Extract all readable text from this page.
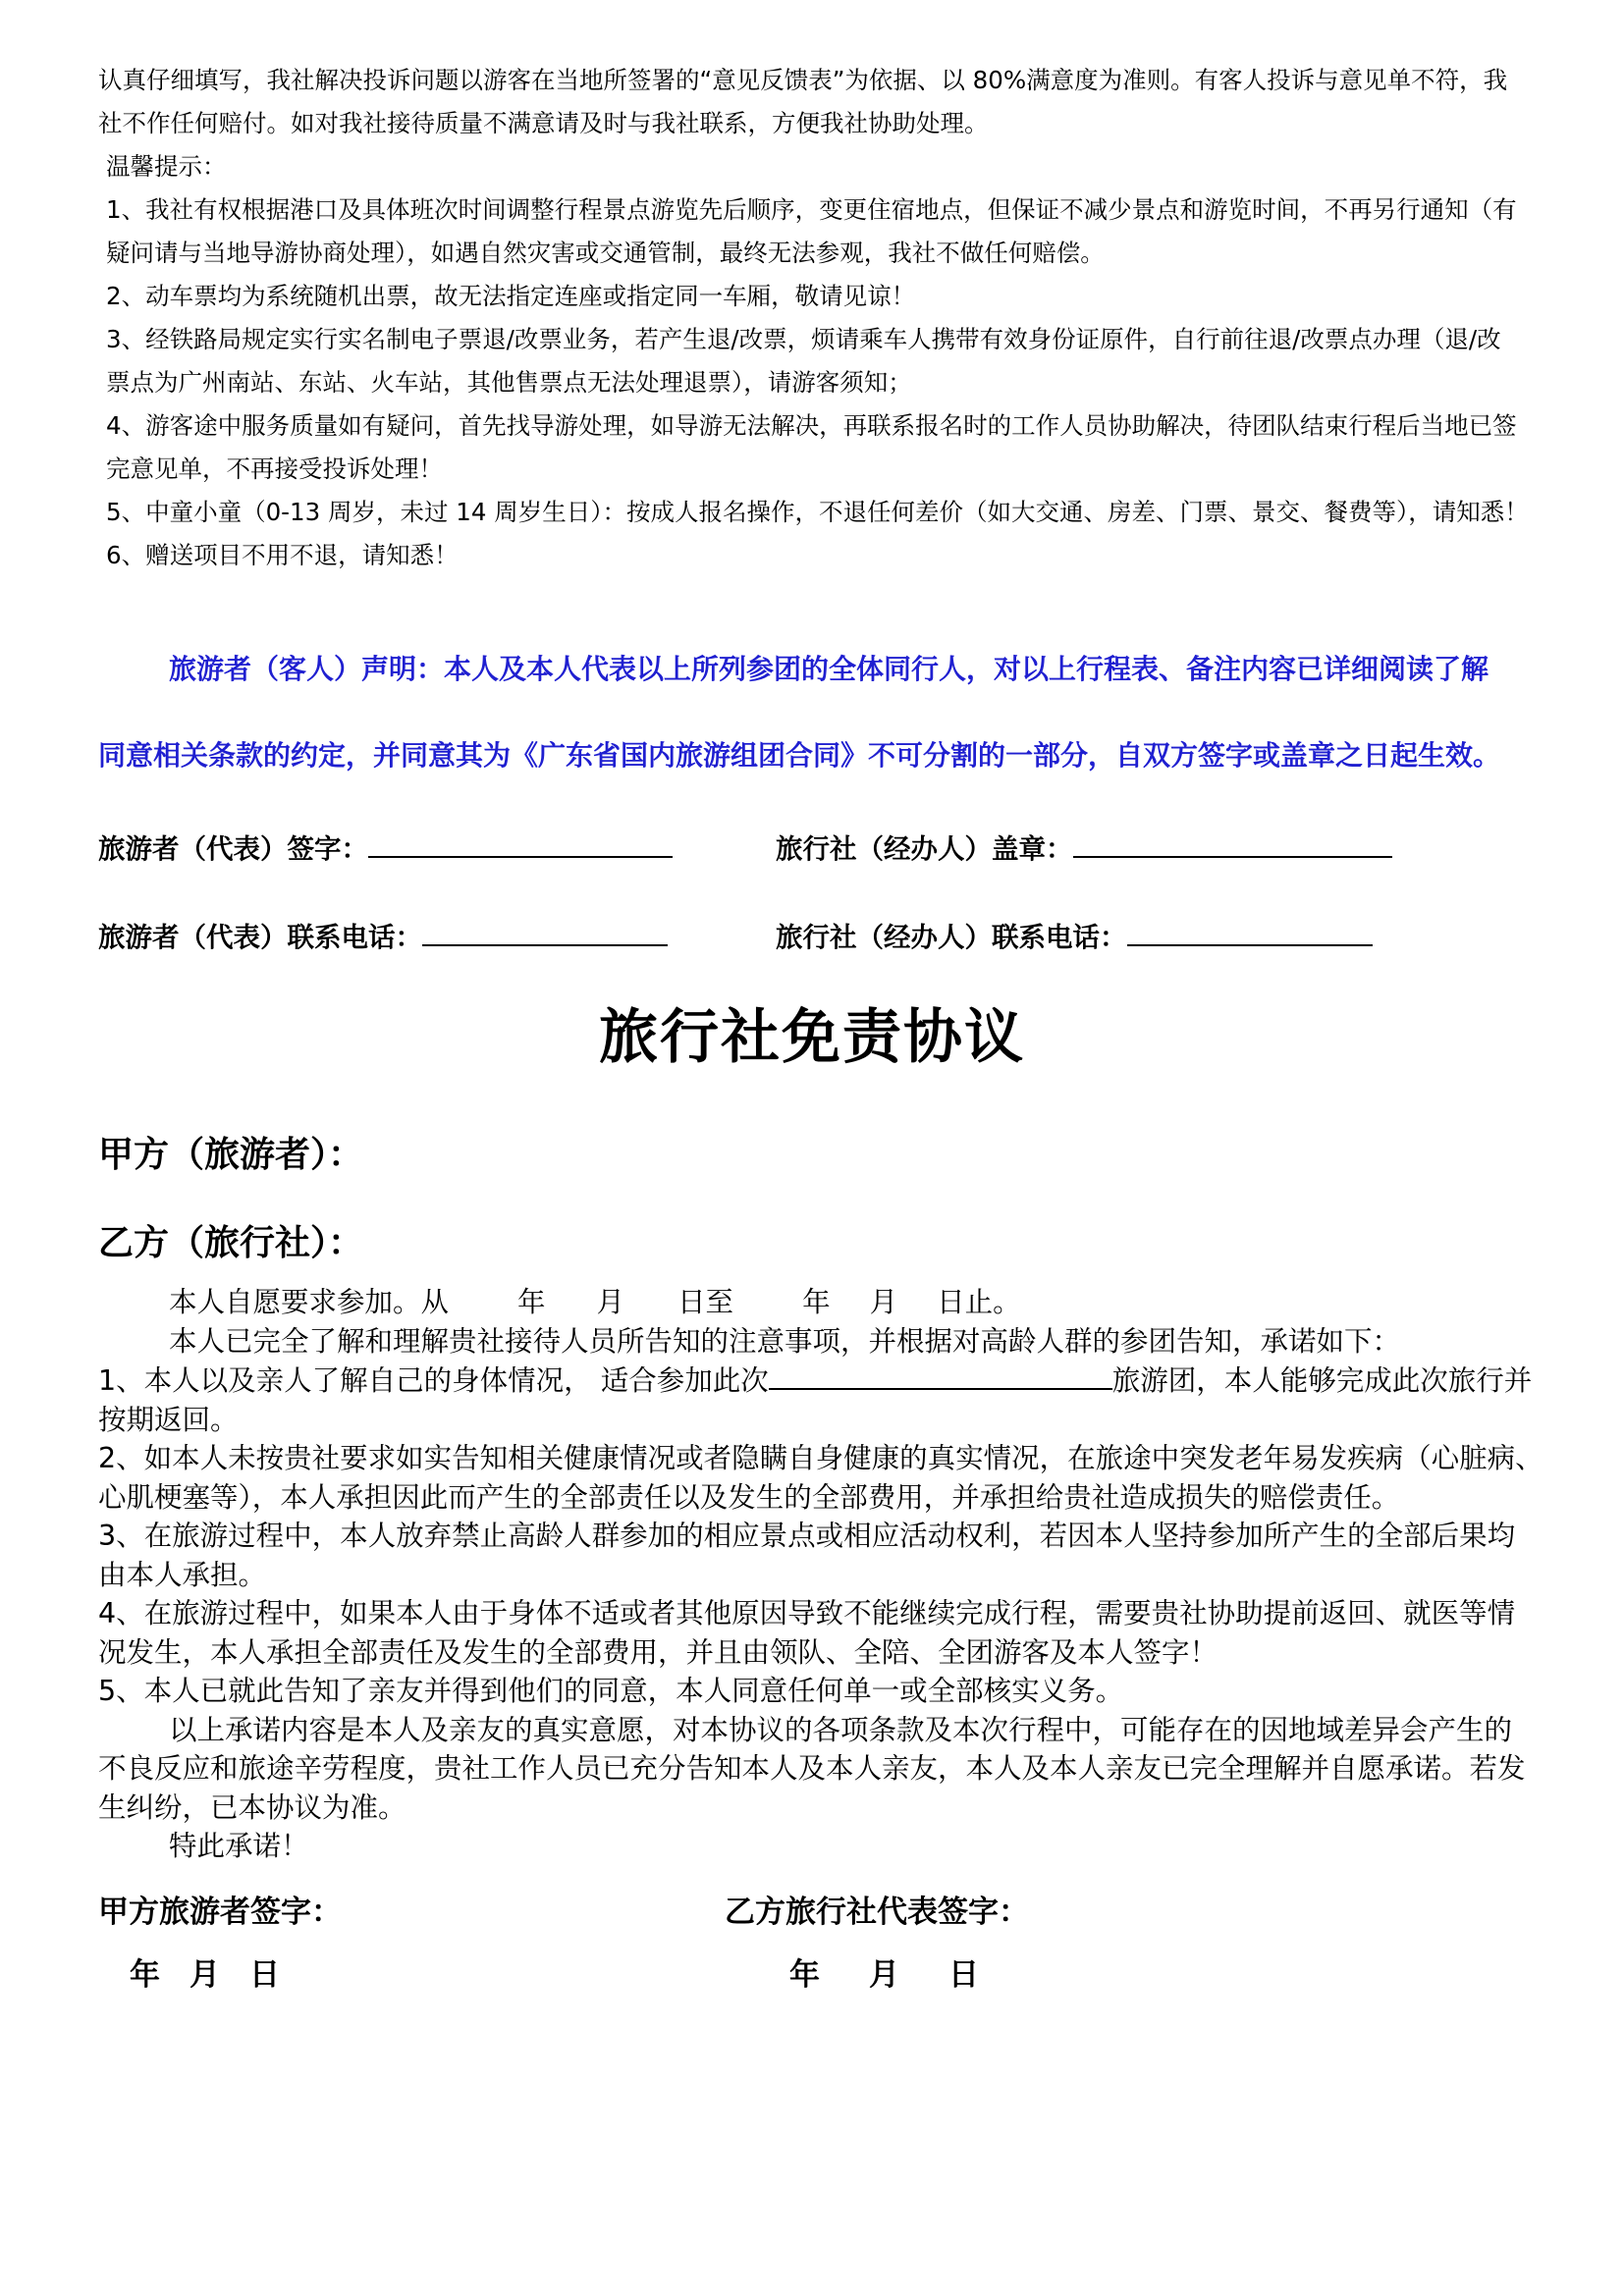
认真仔细填写，我社解决投诉问题以游客在当地所签署的“意见反馈表”为依据、以 80%满意度为准则。有客人投诉与意见单不符，我
社不作任何赔付。如对我社接待质量不满意请及时与我社联系，方便我社协助处理。
温馨提示：
1、我社有权根据港口及具体班次时间调整行程景点游览先后顺序，变更住宿地点，但保证不减少景点和游览时间，不再另行通知（有
疑问请与当地导游协商处理），如遇自然灾害或交通管制，最终无法参观，我社不做任何赔偿。
2、动车票均为系统随机出票，故无法指定连座或指定同一车厢，敬请见谅！
3、经铁路局规定实行实名制电子票退/改票业务，若产生退/改票，烦请乘车人携带有效身份证原件，自行前往退/改票点办理（退/改
票点为广州南站、东站、火车站，其他售票点无法处理退票），请游客须知；
4、游客途中服务质量如有疑问，首先找导游处理，如导游无法解决，再联系报名时的工作人员协助解决，待团队结束行程后当地已签
完意见单，不再接受投诉处理！
5、中童小童（0-13 周岁，未过 14 周岁生日）：按成人报名操作，不退任何差价（如大交通、房差、门票、景交、餐费等），请知悉！
6、赠送项目不用不退，请知悉！
旅游者（客人）声明：本人及本人代表以上所列参团的全体同行人，对以上行程表、备注内容已详细阅读了解
同意相关条款的约定，并同意其为《广东省国内旅游组团合同》不可分割的一部分，自双方签字或盖章之日起生效。
旅游者（代表）签字：	旅行社（经办人）盖章：
旅游者（代表）联系电话：	旅行社（经办人）联系电话：
旅行社免责协议
甲方（旅游者）：
乙方（旅行社）：
本人自愿要求参加。从 年 月 日至 年 月 日止。
本人已完全了解和理解贵社接待人员所告知的注意事项，并根据对高龄人群的参团告知，承诺如下：
1、本人以及亲人了解自己的身体情况， 适合参加此次	旅游团，本人能够完成此次旅行并
按期返回。
2、如本人未按贵社要求如实告知相关健康情况或者隐瞒自身健康的真实情况，在旅途中突发老年易发疾病（心脏病、
心肌梗塞等），本人承担因此而产生的全部责任以及发生的全部费用，并承担给贵社造成损失的赔偿责任。
3、在旅游过程中，本人放弃禁止高龄人群参加的相应景点或相应活动权利，若因本人坚持参加所产生的全部后果均
由本人承担。
4、在旅游过程中，如果本人由于身体不适或者其他原因导致不能继续完成行程，需要贵社协助提前返回、就医等情
况发生，本人承担全部责任及发生的全部费用，并且由领队、全陪、全团游客及本人签字！
5、本人已就此告知了亲友并得到他们的同意，本人同意任何单一或全部核实义务。
以上承诺内容是本人及亲友的真实意愿，对本协议的各项条款及本次行程中，可能存在的因地域差异会产生的
不良反应和旅途辛劳程度，贵社工作人员已充分告知本人及本人亲友，本人及本人亲友已完全理解并自愿承诺。若发
生纠纷，已本协议为准。
特此承诺！
甲方旅游者签字：	乙方旅行社代表签字：
年 月 日	年 月 日
